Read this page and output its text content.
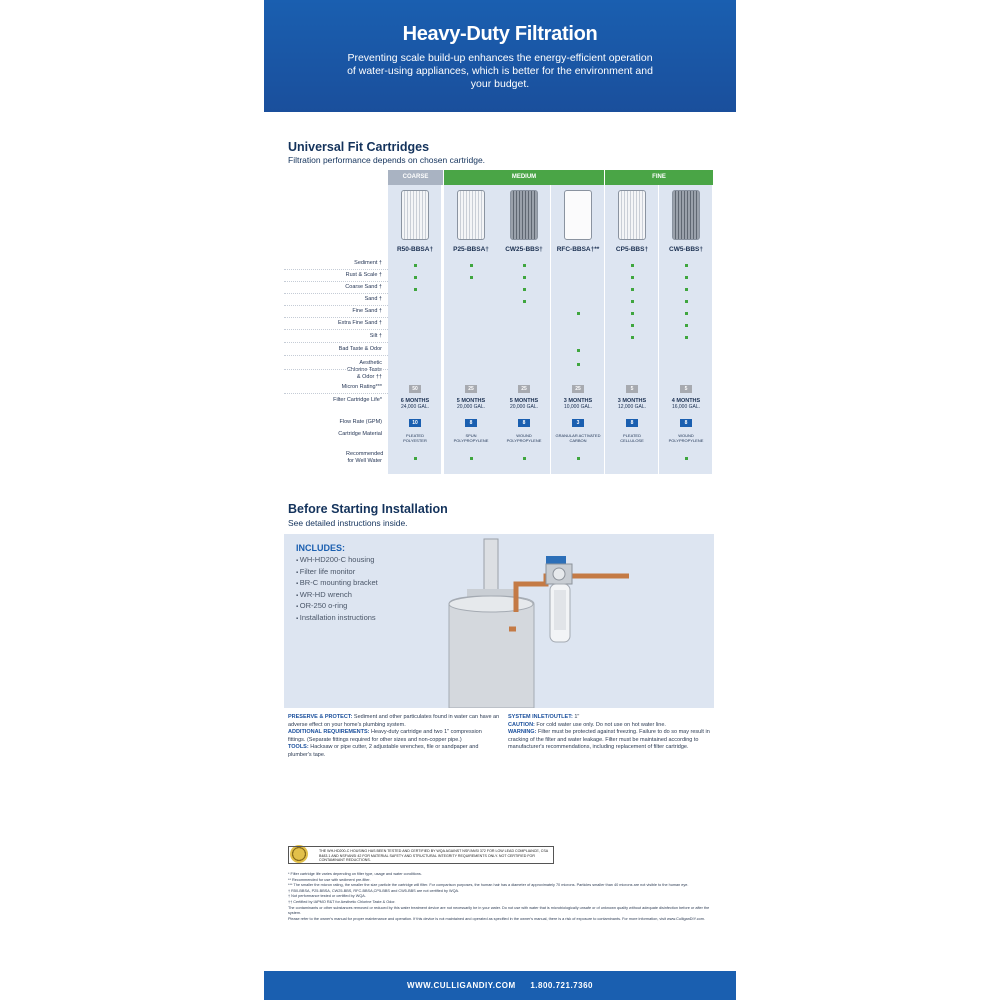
Heavy-Duty Filtration

Preventing scale build-up enhances the energy-efficient operation of water-using appliances, which is better for the environment and your budget.

Universal Fit Cartridges
Filtration performance depends on chosen cartridge.
COARSE	MEDIUM	FINE
R50-BBSA†
50
6 MONTHS
24,000 GAL.
10
PLEATED
POLYESTER
P25-BBSA†
25
5 MONTHS
20,000 GAL.
8
SPUN
POLYPROPYLENE
CW25-BBS†
25
5 MONTHS
20,000 GAL.
8
WOUND
POLYPROPYLENE
RFC-BBSA†**
25
3 MONTHS
10,000 GAL.
3
GRANULAR ACTIVATED
CARBON
CP5-BBS†
5
3 MONTHS
12,000 GAL.
8
PLEATED
CELLULOSE
CW5-BBS†
5
4 MONTHS
16,000 GAL.
8
WOUND
POLYPROPYLENE
Sediment †
Rust & Scale †
Coarse Sand †
Sand †
Fine Sand †
Extra Fine Sand †
Silt †
Bad Taste & Odor
Aesthetic Chlorine Taste & Odor ††
Micron Rating***
Filter Cartridge Life*
Flow Rate (GPM)
Cartridge Material
Recommended for Well Water
Before Starting Installation
See detailed instructions inside.
INCLUDES:
▪ WH-HD200-C housing
▪ Filter life monitor
▪ BR-C mounting bracket
▪ WR-HD wrench
▪ OR-250 o-ring
▪ Installation instructions

PRESERVE & PROTECT: Sediment and other particulates found in water can have an adverse effect on your home's plumbing system.

ADDITIONAL REQUIREMENTS: Heavy-duty cartridge and two 1" compression fittings. (Separate fittings required for other sizes and non-copper pipe.)

TOOLS: Hacksaw or pipe cutter, 2 adjustable wrenches, file or sandpaper and plumber's tape.

SYSTEM INLET/OUTLET: 1"

CAUTION: For cold water use only. Do not use on hot water line.

WARNING: Filter must be protected against freezing. Failure to do so may result in cracking of the filter and water leakage. Filter must be maintained according to manufacturer's recommendations, including replacement of filter cartridge.

THE WH-HD200-C HOUSING HAS BEEN TESTED AND CERTIFIED BY WQA AGAINST NSF/ANSI 372 FOR LOW LEAD COMPLIANCE, CSA B483.1 AND NSF/ANSI 42 FOR MATERIAL SAFETY AND STRUCTURAL INTEGRITY REQUIREMENTS ONLY. NOT CERTIFIED FOR CONTAMINANT REDUCTIONS.
* Filter cartridge life varies depending on filter type, usage and water conditions.
** Recommended for use with sediment pre-filter.
*** The smaller the micron rating, the smaller the size particle the cartridge will filter. For comparison purposes, the human hair has a diameter of approximately 70 microns. Particles smaller than 40 microns are not visible to the human eye.
† R50-BBSA, P25-BBSA, CW25-BBS, RFC-BBSA,CP5-BBS and CW5-BBS are not certified by WQA.
† Not performance tested or certified by WQA.
†† Certified by IAPMO R&T for Aesthetic Chlorine Taste & Odor.
The contaminants or other substances removed or reduced by this water treatment device are not necessarily be in your water. Do not use with water that is microbiologically unsafe or of unknown quality without adequate disinfection before or after the system.
Please refer to the owner's manual for proper maintenance and operation. If this device is not maintained and operated as specified in the owner's manual, there is a risk of exposure to contaminants. For more information, visit www.CulliganDIY.com.
WWW.CULLIGANDIY.COM 1.800.721.7360
